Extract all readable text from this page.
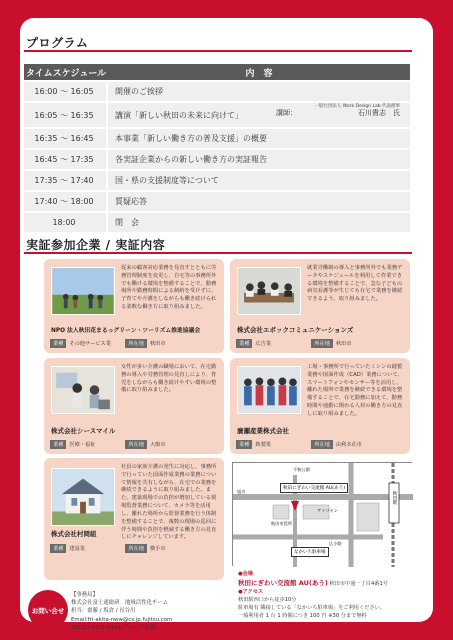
プログラム
タイムスケジュール	内　容
16:00 ～ 16:05	開催のご挨拶
16:05 ～ 16:35	講演「新しい秋田の未来に向けて」 講師：
一般社団法人 Work Design Lab 代表理事
石川貴志　氏

16:35 ～ 16:45	本事業「新しい働き方の普及支援」の概要
16:45 ～ 17:35	各実証企業からの新しい働き方の実証報告
17:35 ～ 17:40	国・県の支援制度等について
17:40 ～ 18:00	質疑応答
18:00	閉　会
実証参加企業 / 実証内容
従来の顧客対応業務を見直すとともに労務管理制度を変更し、自宅等の事務所外でも働ける環境を整備することで、勤務場所や勤務時間による制約を受けずに、子育てや介護をしながらも働き続けられる柔軟な働き方に取り組みました。
NPO 法人秋田花まるっグリーン・ツーリズム推進協議会
業種	その他サービス業	所在地	秋田市
就業労働制の導入と事務所外でも業務データやスケジュールを利用して作業できる環境を整備することで、急な子どもの病気看護等が生じても在宅で業務を継続できるよう、取り組みました。
株式会社エポックコミュニケーションズ
業種	広告業	所在地	秋田市
女性が多い介護の職場において、在宅勤務の導入や労務管理の見直しにより、育児をしながらも働き続けやすい環境の整備に取り組みました。
株式会社シースマイル
業種	医療・福祉	所在地	大館市
工場・事務所で行っていたミシンの縫製業務や図面作成（CAD）業務について、スマートフォンやセンサー等を活用し、離れた場所で業務を継続できる環境を整備することで、在宅勤務に加えて、勤務時間や通勤に関わる人材の働き方の見直しに取り組みました。
廣瀬産業株式会社
業種	鋳製業	所在地	由利本荘市
社員の家族介護の発生に対応し、事務所で行っていた図面作成業務の業務について情報を共有しながら、在宅での業務を継続できるように取り組みました。また、建築現場での負担が増加している現場監督業務について、カメラ等を活用し、離れた場所から監督業務を行う体制を整備することで、複数の現場の巡回に伴う時間や負担を軽減する働き方の見直しにチャレンジしています。
株式会社村岡組
業種	建設業	所在地	横手市
秋田にぎわい交流館 AU(あう)
秋田駅
なかいち駐車場
千秋公園
アトリオン
秋田市役所
広小路
旭川
●会場
秋田にぎわい交流館 AU(あう) 秋田市中通一丁目4番1号
●アクセス
秋田駅西口から徒歩10分
駐車場有 隣接している「なかいち駐車場」をご利用ください。
一般利用者 1 台 1 時間につき 100 円 ※30 分まで無料
お問い合せ
【事務局】
株式会社富士通総研　地域活性化チーム
担当：齋藤 / 坂倉 / 長谷川
Email:fri-akita-nww@cs.jp.fujitsu.com
TEL:03-5401-8404(グループ直通)
